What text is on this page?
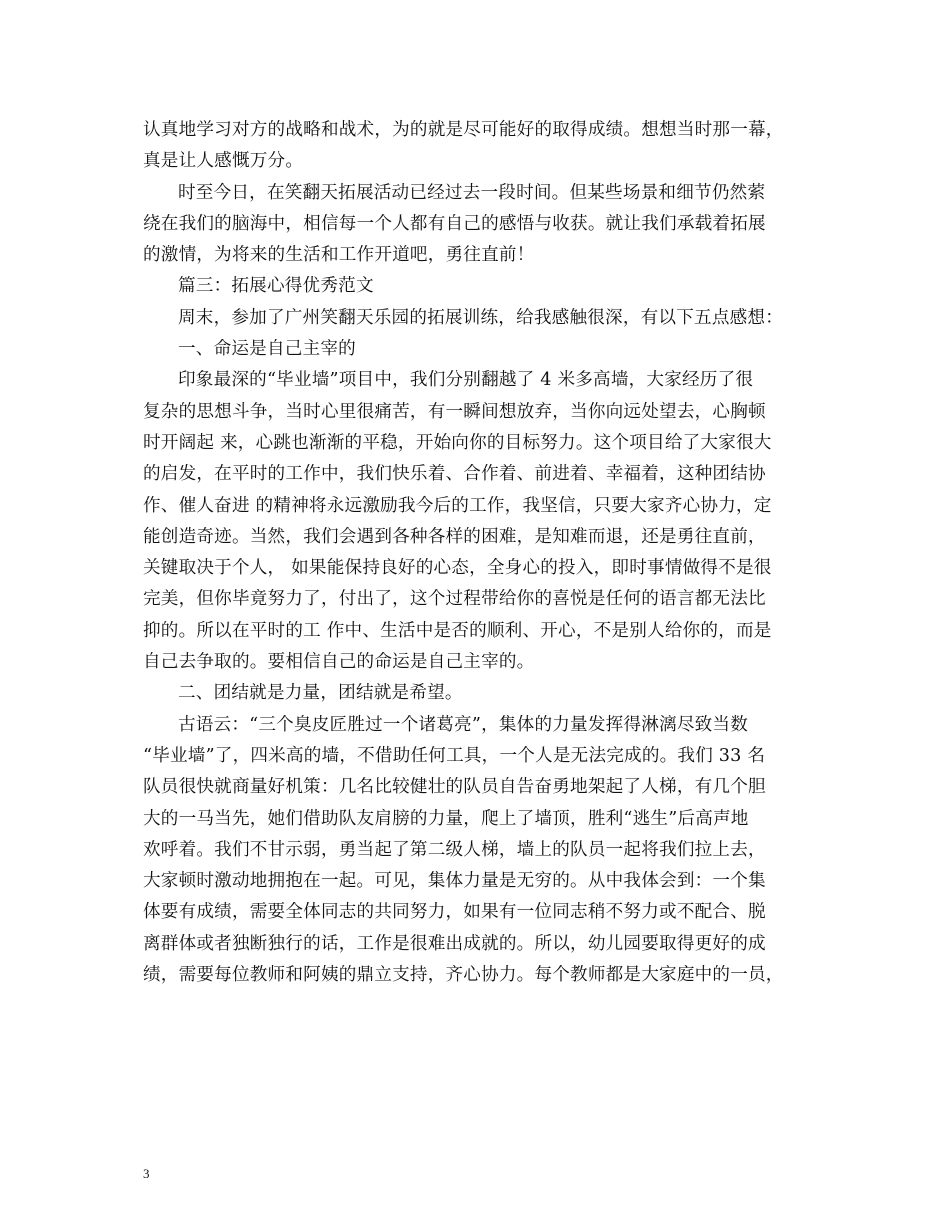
认真地学习对方的战略和战术，为的就是尽可能好的取得成绩。想想当时那一幕，
真是让人感慨万分。
时至今日，在笑翻天拓展活动已经过去一段时间。但某些场景和细节仍然萦
绕在我们的脑海中，相信每一个人都有自己的感悟与收获。就让我们承载着拓展
的激情，为将来的生活和工作开道吧，勇往直前！
篇三：拓展心得优秀范文
周末，参加了广州笑翻天乐园的拓展训练，给我感触很深，有以下五点感想：
一、命运是自己主宰的
印象最深的“毕业墙”项目中，我们分别翻越了 4 米多高墙，大家经历了很
复杂的思想斗争，当时心里很痛苦，有一瞬间想放弃，当你向远处望去，心胸顿
时开阔起 来，心跳也渐渐的平稳，开始向你的目标努力。这个项目给了大家很大
的启发，在平时的工作中，我们快乐着、合作着、前进着、幸福着，这种团结协
作、催人奋进 的精神将永远激励我今后的工作，我坚信，只要大家齐心协力，定
能创造奇迹。当然，我们会遇到各种各样的困难，是知难而退，还是勇往直前，
关键取决于个人， 如果能保持良好的心态，全身心的投入，即时事情做得不是很
完美，但你毕竟努力了，付出了，这个过程带给你的喜悦是任何的语言都无法比
抑的。所以在平时的工 作中、生活中是否的顺利、开心，不是别人给你的，而是
自己去争取的。要相信自己的命运是自己主宰的。
二、团结就是力量，团结就是希望。
古语云：“三个臭皮匠胜过一个诸葛亮”，集体的力量发挥得淋漓尽致当数
“毕业墙”了，四米高的墙，不借助任何工具，一个人是无法完成的。我们 33 名
队员很快就商量好机策：几名比较健壮的队员自告奋勇地架起了人梯，有几个胆
大的一马当先，她们借助队友肩膀的力量，爬上了墙顶，胜利“逃生”后高声地
欢呼着。我们不甘示弱，勇当起了第二级人梯，墙上的队员一起将我们拉上去，
大家顿时激动地拥抱在一起。可见，集体力量是无穷的。从中我体会到：一个集
体要有成绩，需要全体同志的共同努力，如果有一位同志稍不努力或不配合、脱
离群体或者独断独行的话，工作是很难出成就的。所以，幼儿园要取得更好的成
绩，需要每位教师和阿姨的鼎立支持，齐心协力。每个教师都是大家庭中的一员，
3
